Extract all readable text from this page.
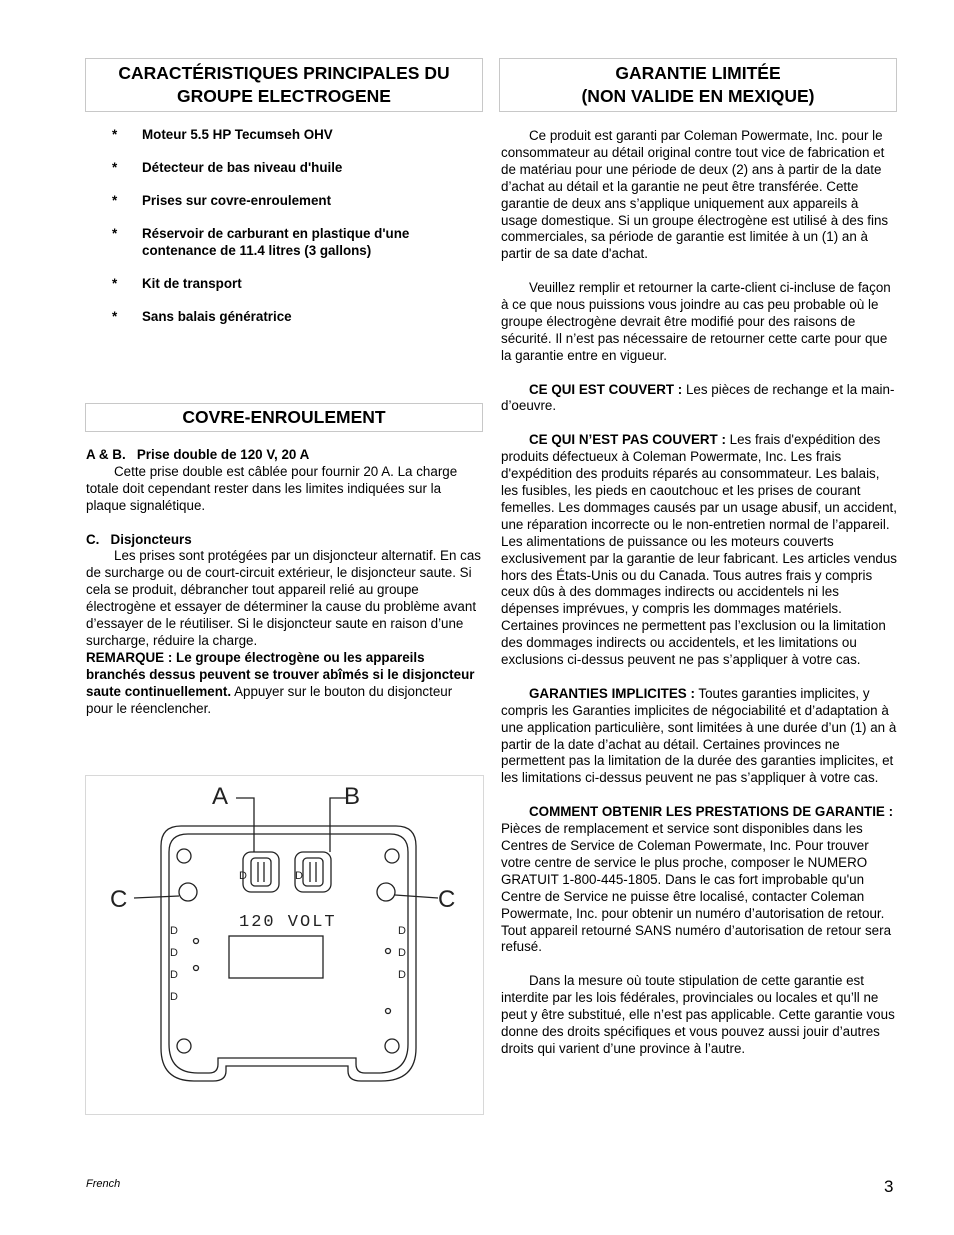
CARACTÉRISTIQUES PRINCIPALES DU
GROUPE ELECTROGENE
* Moteur 5.5 HP Tecumseh OHV
* Détecteur de bas niveau d'huile
* Prises sur covre-enroulement
* Réservoir de carburant en plastique d'une contenance de 11.4 litres (3 gallons)
* Kit de transport
* Sans balais génératrice
COVRE-ENROULEMENT
A & B.   Prise double de 120 V, 20 A

Cette prise double est câblée pour fournir 20 A. La charge totale doit cependant rester dans les limites indiquées sur la plaque signalétique.

C.   Disjoncteurs

Les prises sont protégées par un disjoncteur alternatif. En cas de surcharge ou de court-circuit extérieur, le disjoncteur saute. Si cela se produit, débrancher tout appareil relié au groupe électrogène et essayer de déterminer la cause du problème avant d’essayer de le réutiliser. Si le disjoncteur saute en raison d’une surcharge, réduire la charge.

REMARQUE : Le groupe électrogène ou les appareils branchés dessus peuvent se trouver abîmés si le disjoncteur saute continuellement. Appuyer sur le bouton du disjoncteur pour le réenclencher.

A	B
C	C
120 VOLT
D	D
D
D
D
D
D
D
D
GARANTIE LIMITÉE
(NON VALIDE EN MEXIQUE)

Ce produit est garanti par Coleman Powermate, Inc. pour le consommateur au détail original contre tout vice de fabrication et de matériau pour une période de deux (2) ans à partir de la date d’achat au détail et la garantie ne peut être transférée. Cette garantie de deux ans s’applique uniquement aux appareils à usage domestique. Si un groupe électrogène est utilisé à des fins commerciales, sa période de garantie est limitée à un (1) an à partir de sa date d'achat.

Veuillez remplir et retourner la carte-client ci-incluse de façon à ce que nous puissions vous joindre au cas peu probable où le groupe électrogène devrait être modifié pour des raisons de sécurité. Il n’est pas nécessaire de retourner cette carte pour que la garantie entre en vigueur.

CE QUI EST COUVERT : Les pièces de rechange et la main-d’oeuvre.

CE QUI N’EST PAS COUVERT : Les frais d'expédition des produits défectueux à Coleman Powermate, Inc. Les frais d'expédition des produits réparés au consommateur. Les balais, les fusibles, les pieds en caoutchouc et les prises de courant femelles. Les dommages causés par un usage abusif, un accident, une réparation incorrecte ou le non-entretien normal de l’appareil. Les alimentations de puissance ou les moteurs couverts exclusivement par la garantie de leur fabricant. Les articles vendus hors des États-Unis ou du Canada. Tous autres frais y compris ceux dûs à des dommages indirects ou accidentels ni les dépenses imprévues, y compris les dommages matériels. Certaines provinces ne permettent pas l’exclusion ou la limitation des dommages indirects ou accidentels, et les limitations ou exclusions ci-dessus peuvent ne pas s’appliquer à votre cas.

GARANTIES IMPLICITES : Toutes garanties implicites, y compris les Garanties implicites de négociabilité et d’adaptation à une application particulière, sont limitées à une durée d’un (1) an à partir de la date d’achat au détail. Certaines provinces ne permettent pas la limitation de la durée des garanties implicites, et les limitations ci-dessus peuvent ne pas s’appliquer à votre cas.

COMMENT OBTENIR LES PRESTATIONS DE GARANTIE :  Pièces de remplacement et service sont disponibles dans les Centres de Service de Coleman Powermate, Inc. Pour trouver votre centre de service le plus proche, composer le NUMERO GRATUIT 1-800-445-1805. Dans le cas fort improbable qu'un Centre de Service ne puisse être localisé, contacter Coleman Powermate, Inc. pour obtenir un numéro d’autorisation de retour. Tout appareil retourné SANS numéro d’autorisation de retour sera refusé.

Dans la mesure où toute stipulation de cette garantie est interdite par les lois fédérales, provinciales ou locales et qu’ll ne peut y être substitué, elle n’est pas applicable. Cette garantie vous donne des droits spécifiques et vous pouvez aussi jouir d’autres droits qui varient d’une province à l’autre.

French	3
